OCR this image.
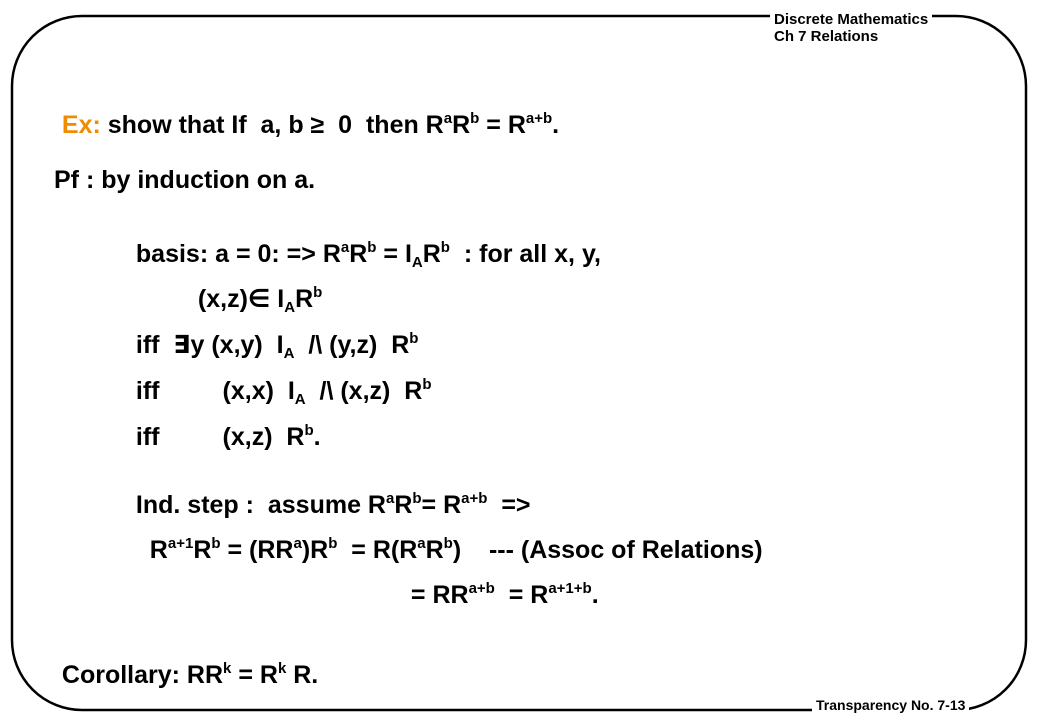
Discrete Mathematics
Ch 7 Relations

Ex: show that If  a, b ≥  0  then $R^aR^b = R^{a+b}$.

Pf : by induction on a.

basis: a = 0: => $R^aR^b = I_AR^b$  : for all x, y,

(x,z)∈ $I_AR^b$

iff  ∃y (x,y)  $I_A$  /\ (y,z)  $R^b$

iff	(x,x)  $I_A$  /\ (x,z)  $R^b$

iff	(x,z)  $R^b$.

Ind. step :  assume $R^aR^b= R^{a+b}$  =>

$R^{a+1}R^b = (RR^a)R^b = R(R^aR^b)$    --- (Assoc of Relations)

= $RR^{a+b} = R^{a+1+b}$.

Corollary: $RR^k = R^k$ R.

Transparency No. 7-13
